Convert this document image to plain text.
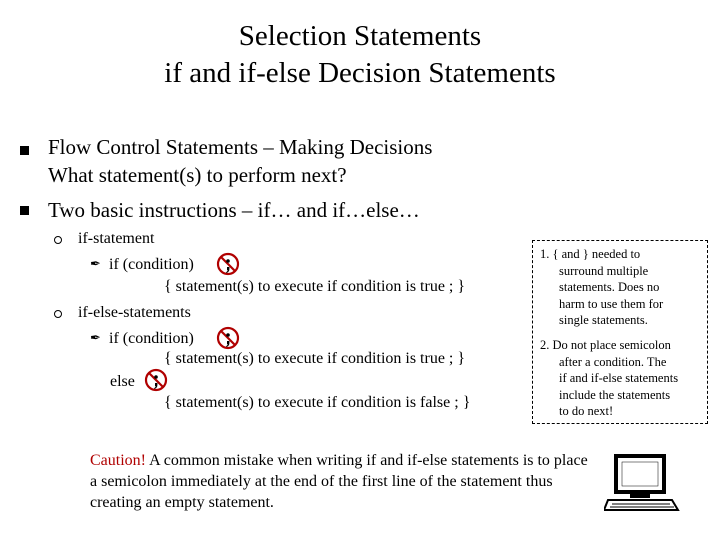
Selection Statements
if and if-else Decision Statements
Flow Control Statements – Making Decisions
What statement(s) to perform next?
Two basic instructions – if… and if…else…
if-statement
✒ if (condition)
{ statement(s) to execute if condition is true ; }
if-else-statements
✒ if (condition)
{ statement(s) to execute if condition is true ; }
else
{ statement(s) to execute if condition is false ; }
1. { and } needed to
surround multiple
statements. Does no
harm to use them for
single statements.
2. Do not place semicolon
after a condition. The
if and if-else statements
include the statements
to do next!
Caution! A common mistake when writing if and if-else statements is to place a semicolon immediately at the end of the first line of the statement thus creating an empty statement.
